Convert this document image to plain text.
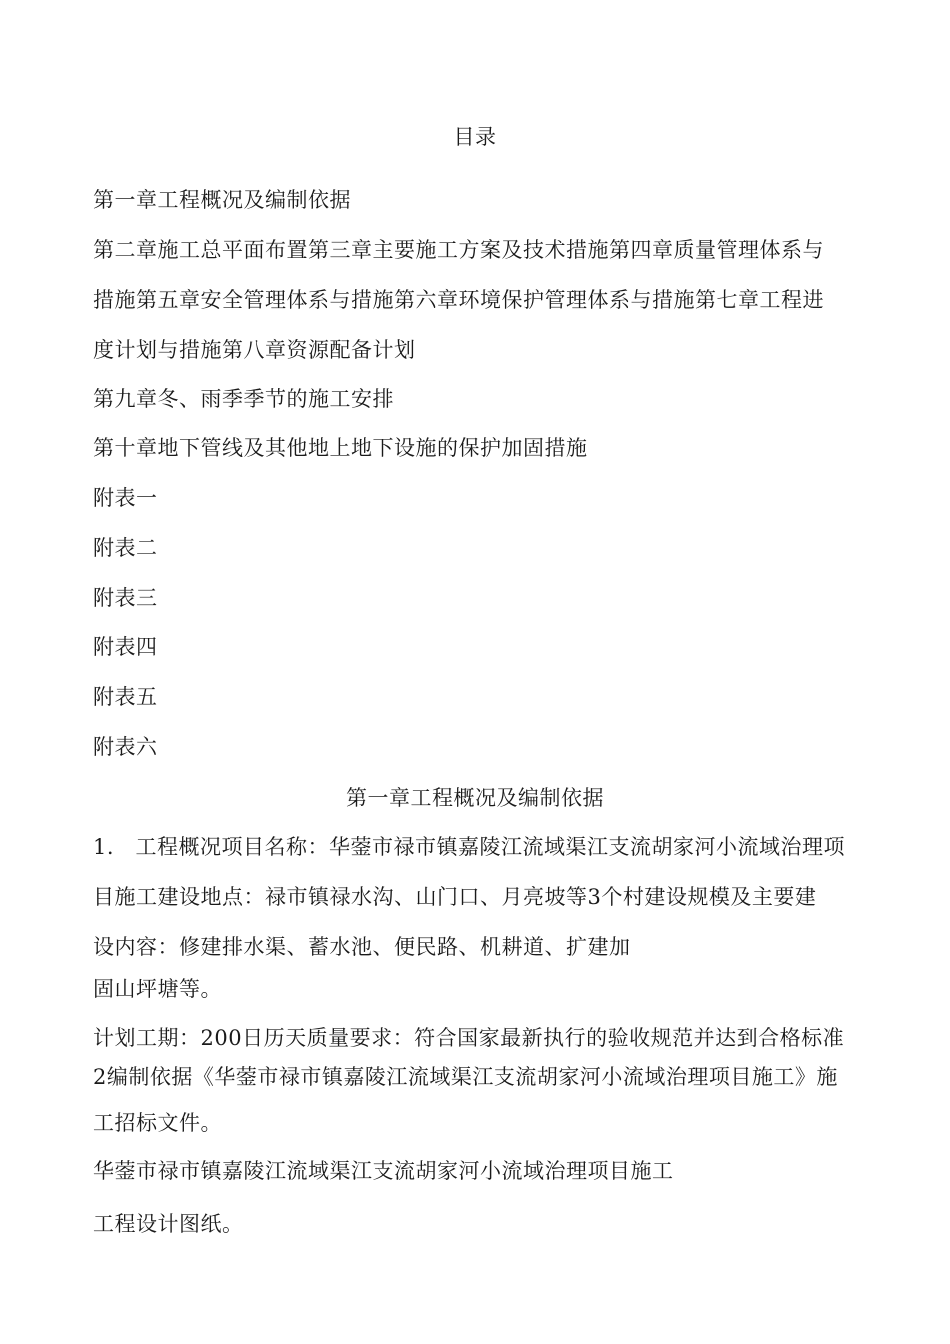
目录
第一章工程概况及编制依据
第二章施工总平面布置第三章主要施工方案及技术措施第四章质量管理体系与
措施第五章安全管理体系与措施第六章环境保护管理体系与措施第七章工程进
度计划与措施第八章资源配备计划
第九章冬、雨季季节的施工安排
第十章地下管线及其他地上地下设施的保护加固措施
附表一
附表二
附表三
附表四
附表五
附表六
第一章工程概况及编制依据
1.　工程概况项目名称：华蓥市禄市镇嘉陵江流域渠江支流胡家河小流域治理项
目施工建设地点：禄市镇禄水沟、山门口、月亮坡等3个村建设规模及主要建
设内容：修建排水渠、蓄水池、便民路、机耕道、扩建加
固山坪塘等。
计划工期：200日历天质量要求：符合国家最新执行的验收规范并达到合格标准
2编制依据《华蓥市禄市镇嘉陵江流域渠江支流胡家河小流域治理项目施工》施
工招标文件。
华蓥市禄市镇嘉陵江流域渠江支流胡家河小流域治理项目施工
工程设计图纸。
